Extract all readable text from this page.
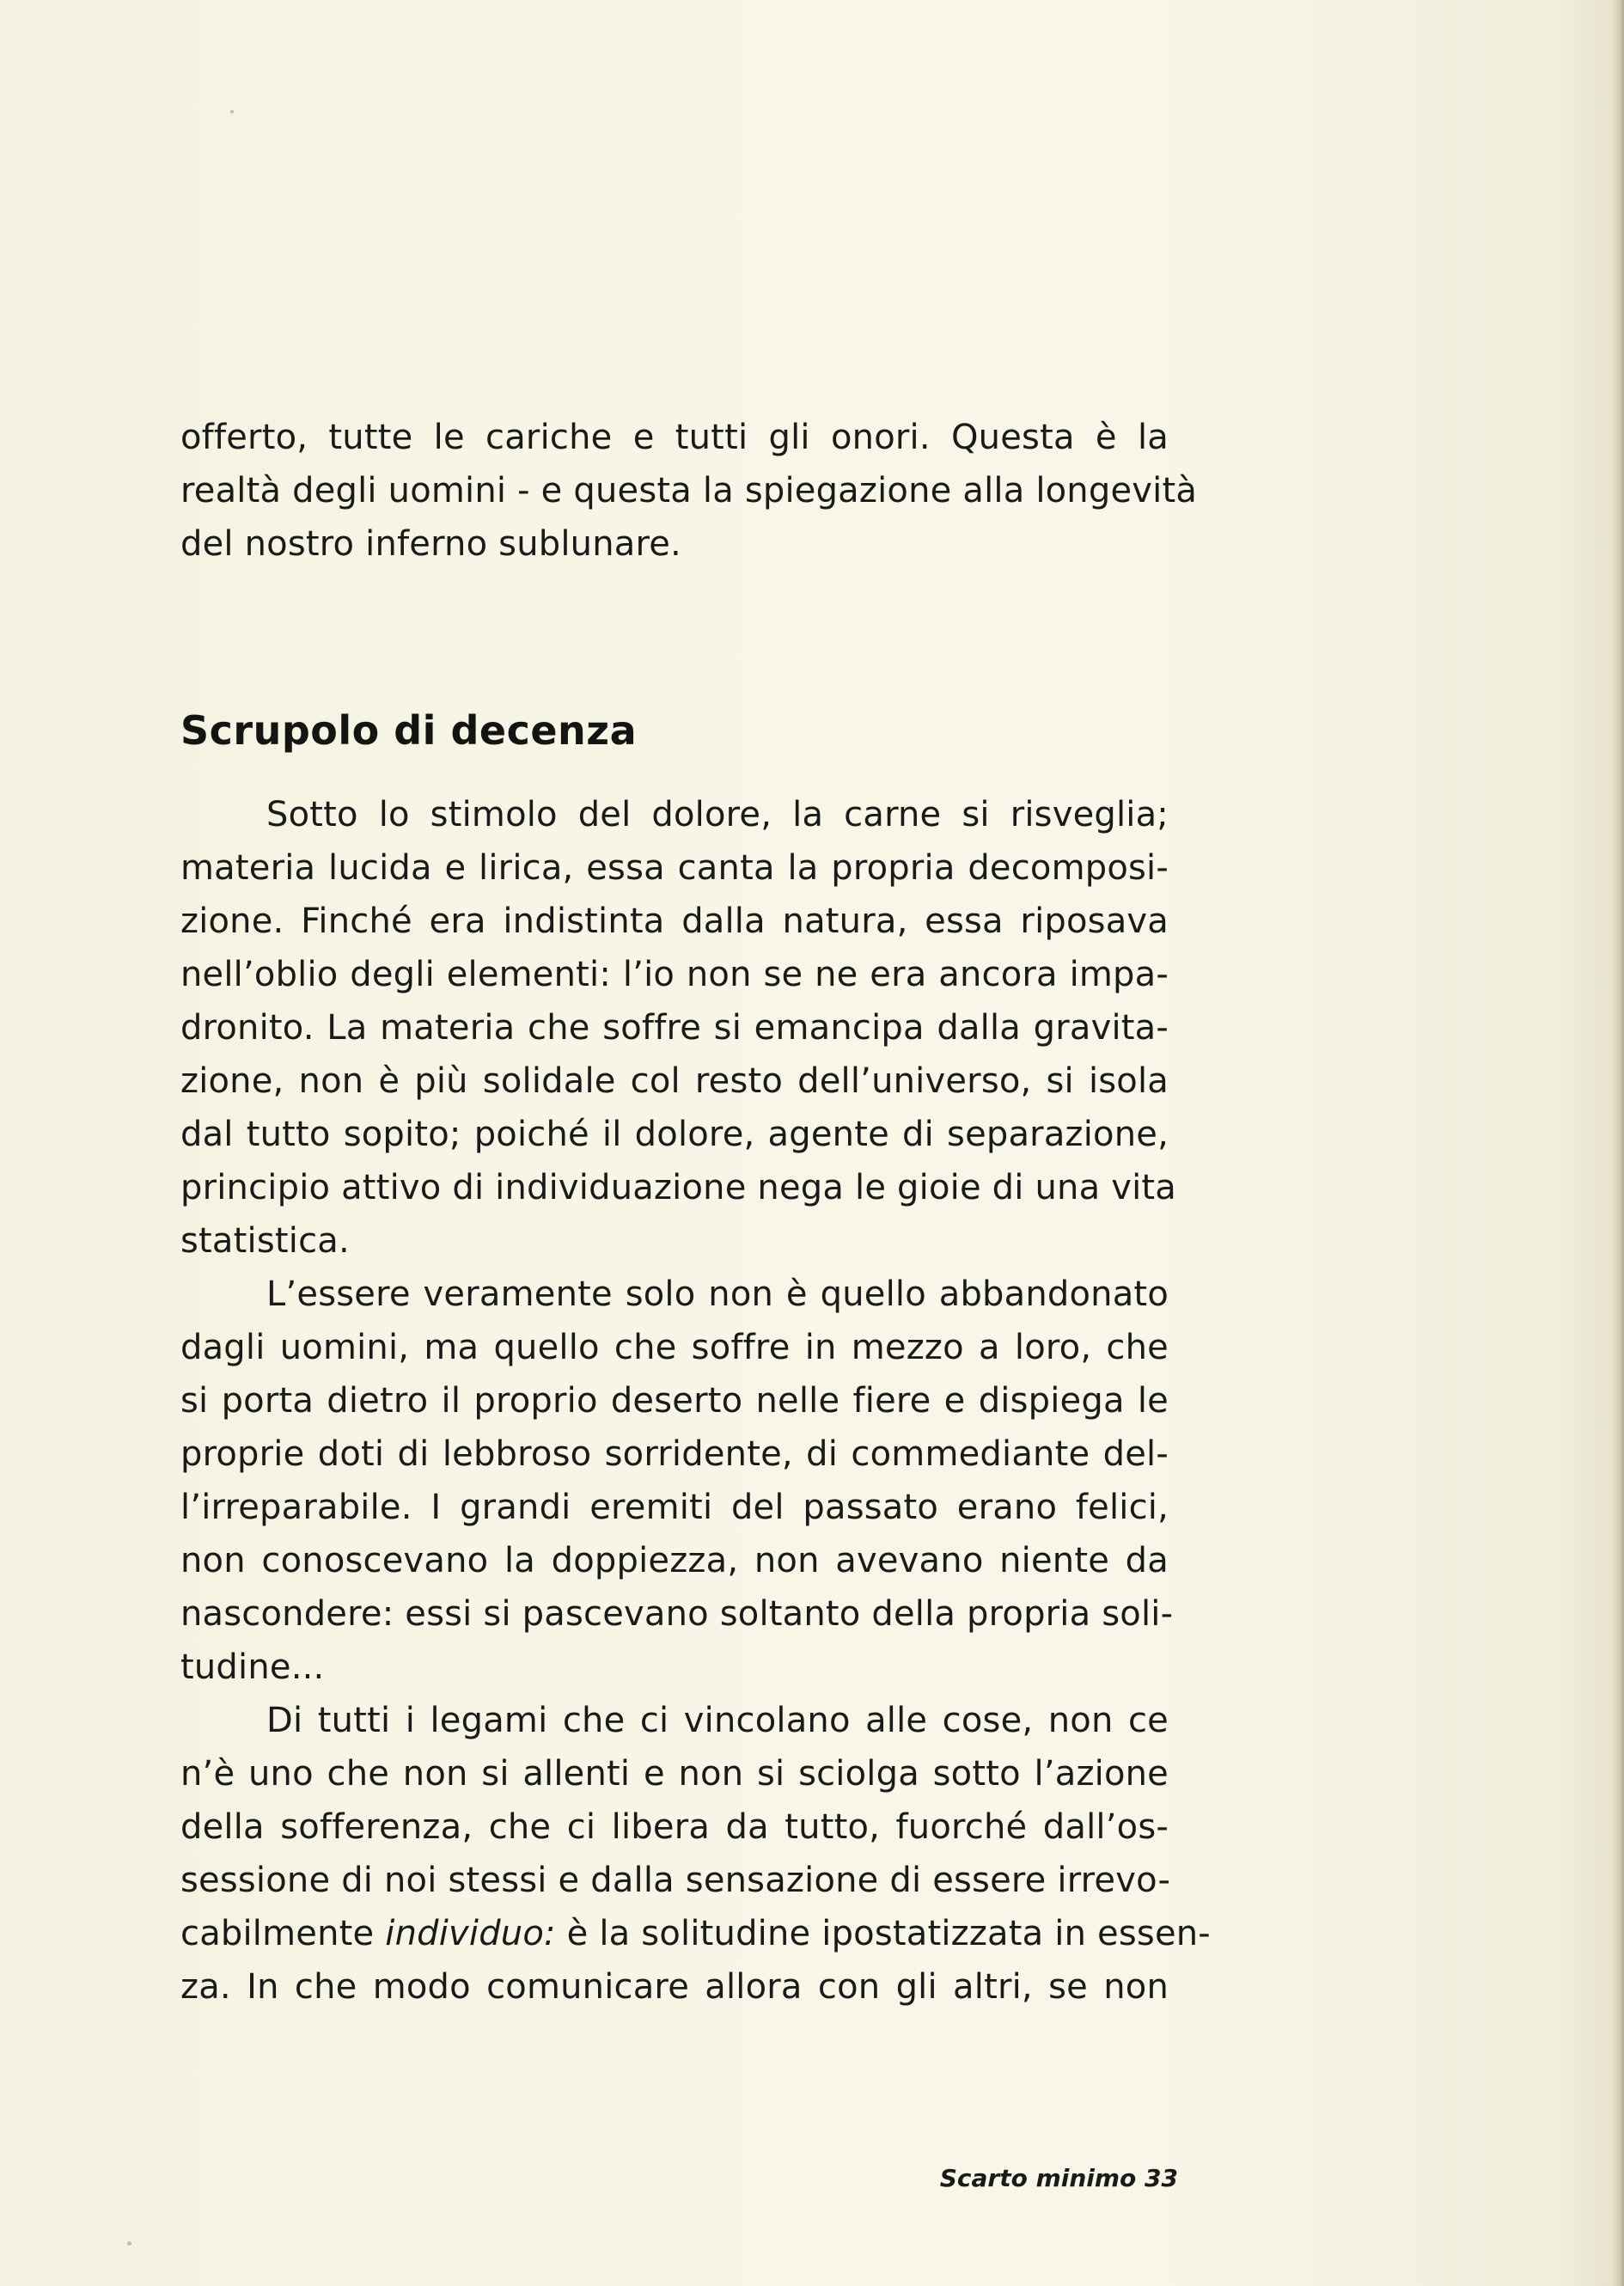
offerto, tutte le cariche e tutti gli onori. Questa è la
realtà degli uomini - e questa la spiegazione alla longevità
del nostro inferno sublunare.
Scrupolo di decenza
Sotto lo stimolo del dolore, la carne si risveglia;
materia lucida e lirica, essa canta la propria decomposi-
zione. Finché era indistinta dalla natura, essa riposava
nell’oblio degli elementi: l’io non se ne era ancora impa-
dronito. La materia che soffre si emancipa dalla gravita-
zione, non è più solidale col resto dell’universo, si isola
dal tutto sopito; poiché il dolore, agente di separazione,
principio attivo di individuazione nega le gioie di una vita
statistica.
L’essere veramente solo non è quello abbandonato
dagli uomini, ma quello che soffre in mezzo a loro, che
si porta dietro il proprio deserto nelle fiere e dispiega le
proprie doti di lebbroso sorridente, di commediante del-
l’irreparabile. I grandi eremiti del passato erano felici,
non conoscevano la doppiezza, non avevano niente da
nascondere: essi si pascevano soltanto della propria soli-
tudine...
Di tutti i legami che ci vincolano alle cose, non ce
n’è uno che non si allenti e non si sciolga sotto l’azione
della sofferenza, che ci libera da tutto, fuorché dall’os-
sessione di noi stessi e dalla sensazione di essere irrevo-
cabilmente individuo: è la solitudine ipostatizzata in essen-
za. In che modo comunicare allora con gli altri, se non
Scarto minimo 33
